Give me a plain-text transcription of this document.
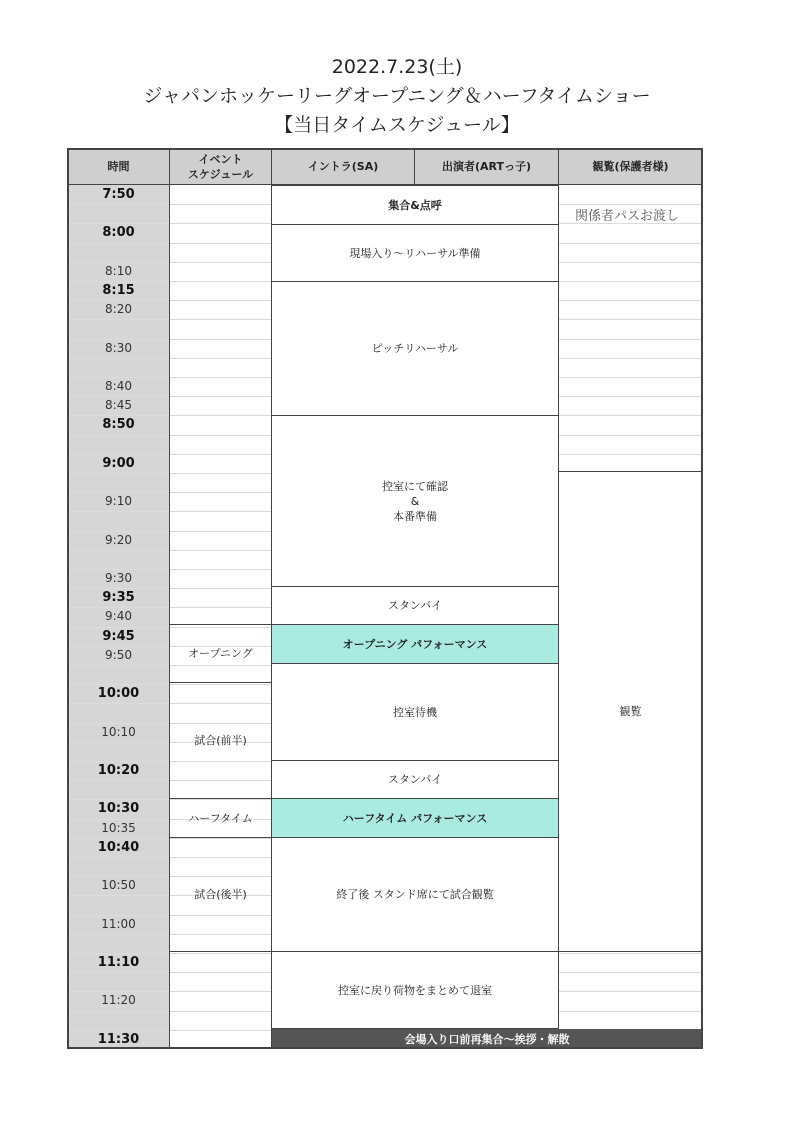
2022.7.23(土)
ジャパンホッケーリーグオープニング＆ハーフタイムショー
【当日タイムスケジュール】
時間
イベント
スケジュール
イントラ(SA)	出演者(ARTっ子)	観覧(保護者様)
7:50
8:00
8:10
8:15
8:20
8:30
8:40
8:45
8:50
9:00
9:10
9:20
9:30
9:35
9:40
9:45
9:50
10:00
10:10
10:20
10:30
10:35
10:40
10:50
11:00
11:10
11:20
11:30
オープニング
試合(前半)
ハーフタイム
試合(後半)
集合&点呼
現場入り〜リハーサル準備
ピッチリハーサル
控室にて確認
&
本番準備
スタンバイ
オープニング パフォーマンス
控室待機
スタンバイ
ハーフタイム パフォーマンス
終了後 スタンド席にて試合観覧
控室に戻り荷物をまとめて退室
会場入り口前再集合〜挨拶・解散
関係者パスお渡し
観覧
